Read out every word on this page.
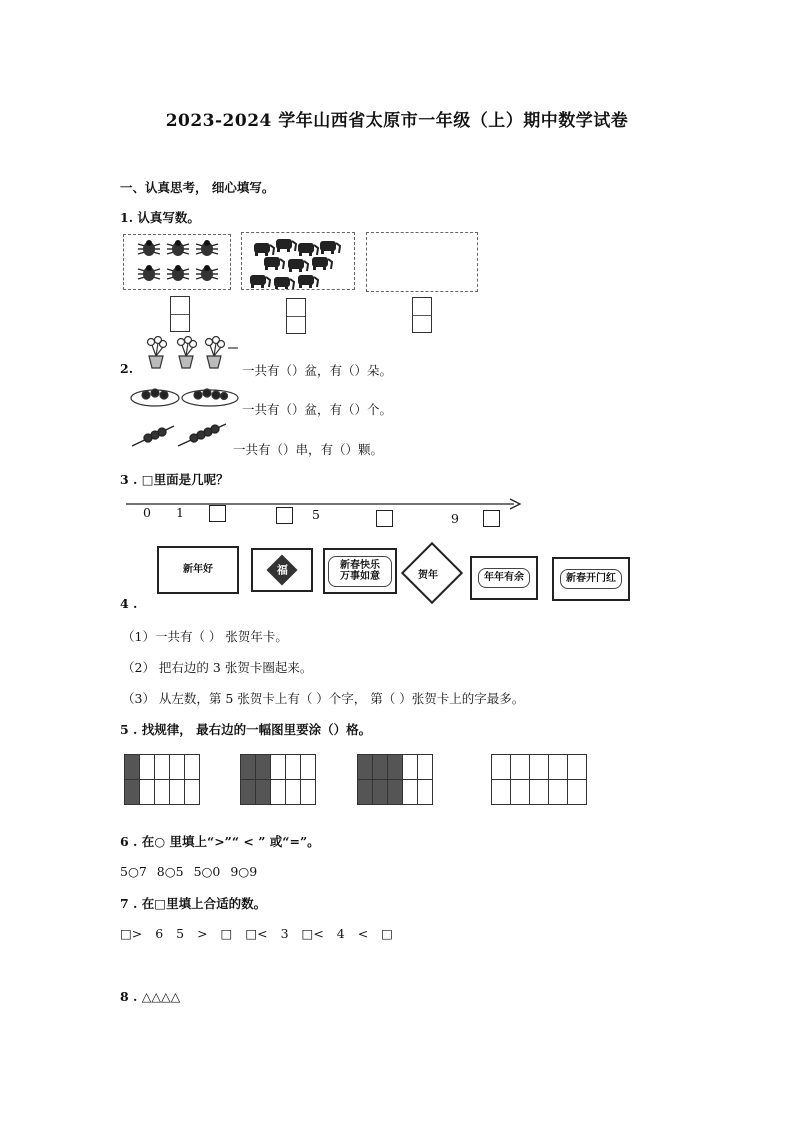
2023-2024 学年山西省太原市一年级（上）期中数学试卷
一、认真思考， 细心填写。
1. 认真写数。
2.	一共有（）盆，有（）朵。
一共有（）盆，有（）个。
一共有（）串，有（）颗。
3 . □里面是几呢？
0 1	5	9
新年好	福	新春快乐 万事如意	贺年	年年有余	新春开门红
4 .
（1）一共有（ ） 张贺年卡。
（2） 把右边的 3 张贺卡圈起来。
（3） 从左数，第 5 张贺卡上有（ ）个字， 第（ ）张贺卡上的字最多。
5 . 找规律， 最右边的一幅图里要涂（）格。

6 . 在○ 里填上“>”“ < ” 或“=”。
5○7 8○5 5○0 9○9
7 . 在□里填上合适的数。
□> 6 5 > □ □< 3 □< 4 < □
8 . △△△△
